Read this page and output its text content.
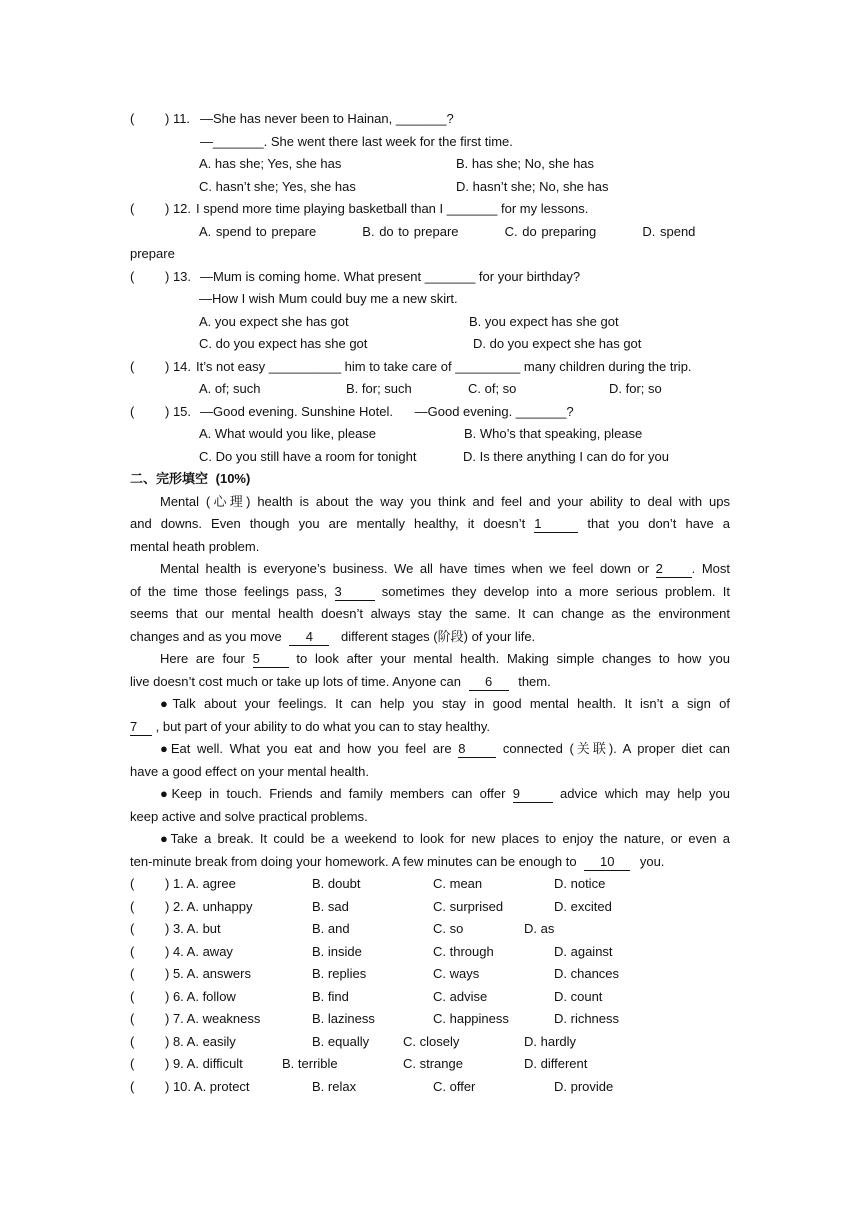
( ) 11. —She has never been to Hainan, _______?
—_______. She went there last week for the first time.
A. has she; Yes, she has	B. has she; No, she has
C. hasn’t she; Yes, she has	D. hasn’t she; No, she has
( ) 12. I spend more time playing basketball than I _______ for my lessons.
A. spend to prepare          B. do to prepare          C. do preparing          D. spend
prepare
( ) 13. —Mum is coming home. What present _______ for your birthday?
—How I wish Mum could buy me a new skirt.
A. you expect she has got	B. you expect has she got
C. do you expect has she got	D. do you expect she has got
( ) 14. It’s not easy __________ him to take care of _________ many children during the trip.
A. of; such	B. for; such	C. of; so	D. for; so
( ) 15. —Good evening. Sunshine Hotel.      —Good evening. _______?
A. What would you like, please	B. Who’s that speaking, please
C. Do you still have a room for tonight	D. Is there anything I can do for you
二、完形填空 (10%)
Mental (心理) health is about the way you think and feel and your ability to deal with ups
and downs. Even though you are mentally healthy, it doesn’t 1	that you don’t have a
mental heath problem.
Mental health is everyone’s business. We all have times when we feel down or 2 . Most
of the time those feelings pass, 3	sometimes they develop into a more serious problem. It
seems that our mental health doesn’t always stay the same. It can change as the environment
changes and as you move 4 different stages (阶段) of your life.
Here are four 5	to look after your mental health. Making simple changes to how you
live doesn’t cost much or take up lots of time. Anyone can 6 them.
●Talk about your feelings. It can help you stay in good mental health. It isn’t a sign of
7 , but part of your ability to do what you can to stay healthy.
●Eat well. What you eat and how you feel are 8	connected (关联). A proper diet can
have a good effect on your mental health.
●Keep in touch. Friends and family members can offer 9	advice which may help you
keep active and solve practical problems.
●Take a break. It could be a weekend to look for new places to enjoy the nature, or even a
ten-minute break from doing your homework. A few minutes can be enough to 10 you.
( ) 1. A. agree	B. doubt	C. mean	D. notice
( ) 2. A. unhappy	B. sad	C. surprised	D. excited
( ) 3. A. but	B. and	C. so	D. as
( ) 4. A. away	B. inside	C. through	D. against
( ) 5. A. answers	B. replies	C. ways	D. chances
( ) 6. A. follow	B. find	C. advise	D. count
( ) 7. A. weakness	B. laziness	C. happiness	D. richness
( ) 8. A. easily	B. equally	C. closely	D. hardly
( ) 9. A. difficult	B. terrible	C. strange	D. different
( ) 10. A. protect	B. relax	C. offer	D. provide
